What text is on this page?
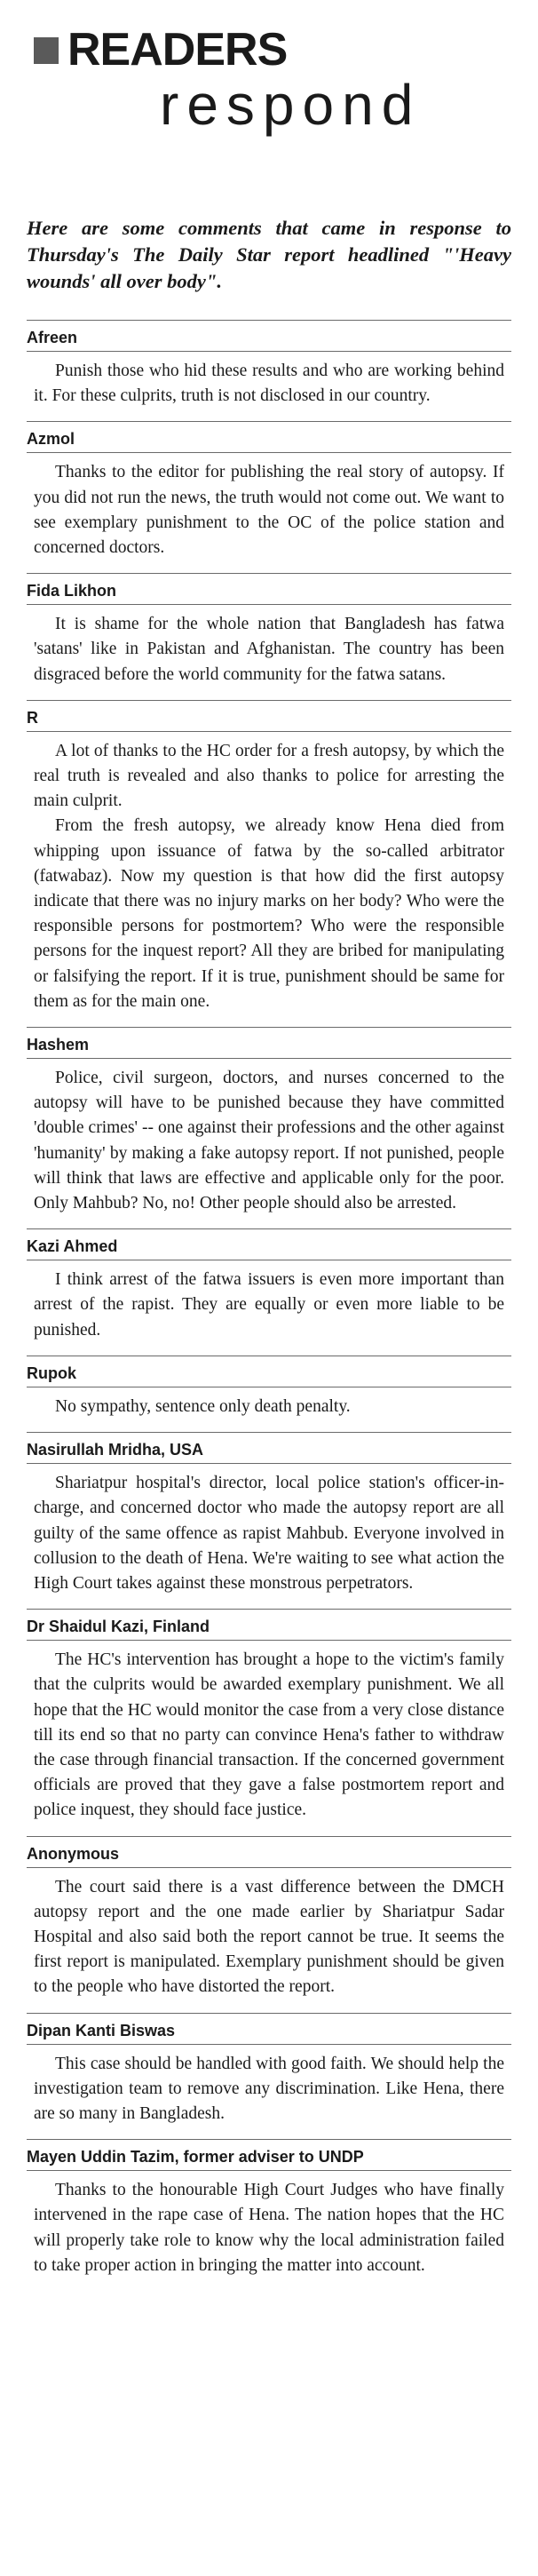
READERS
respond

Here are some comments that came in response to Thursday's The Daily Star report headlined "'Heavy wounds' all over body".

Afreen

Punish those who hid these results and who are working behind it. For these culprits, truth is not disclosed in our country.

Azmol

Thanks to the editor for publishing the real story of autopsy. If you did not run the news, the truth would not come out. We want to see exemplary punishment to the OC of the police station and concerned doctors.

Fida Likhon

It is shame for the whole nation that Bangladesh has fatwa 'satans' like in Pakistan and Afghanistan. The country has been disgraced before the world community for the fatwa satans.

R

A lot of thanks to the HC order for a fresh autopsy, by which the real truth is revealed and also thanks to police for arresting the main culprit.

From the fresh autopsy, we already know Hena died from whipping upon issuance of fatwa by the so-called arbitrator (fatwabaz). Now my question is that how did the first autopsy indicate that there was no injury marks on her body? Who were the responsible persons for postmortem? Who were the responsible persons for the inquest report? All they are bribed for manipulating or falsifying the report. If it is true, punishment should be same for them as for the main one.

Hashem

Police, civil surgeon, doctors, and nurses concerned to the autopsy will have to be punished because they have committed 'double crimes' -- one against their professions and the other against 'humanity' by making a fake autopsy report. If not punished, people will think that laws are effective and applicable only for the poor. Only Mahbub? No, no! Other people should also be arrested.

Kazi Ahmed

I think arrest of the fatwa issuers is even more important than arrest of the rapist. They are equally or even more liable to be punished.

Rupok

No sympathy, sentence only death penalty.

Nasirullah Mridha, USA

Shariatpur hospital's director, local police station's officer-in-charge, and concerned doctor who made the autopsy report are all guilty of the same offence as rapist Mahbub. Everyone involved in collusion to the death of Hena. We're waiting to see what action the High Court takes against these monstrous perpetrators.

Dr Shaidul Kazi, Finland

The HC's intervention has brought a hope to the victim's family that the culprits would be awarded exemplary punishment. We all hope that the HC would monitor the case from a very close distance till its end so that no party can convince Hena's father to withdraw the case through financial transaction. If the concerned government officials are proved that they gave a false postmortem report and police inquest, they should face justice.

Anonymous

The court said there is a vast difference between the DMCH autopsy report and the one made earlier by Shariatpur Sadar Hospital and also said both the report cannot be true. It seems the first report is manipulated. Exemplary punishment should be given to the people who have distorted the report.

Dipan Kanti Biswas

This case should be handled with good faith. We should help the investigation team to remove any discrimination. Like Hena, there are so many in Bangladesh.

Mayen Uddin Tazim, former adviser to UNDP

Thanks to the honourable High Court Judges who have finally intervened in the rape case of Hena. The nation hopes that the HC will properly take role to know why the local administration failed to take proper action in bringing the matter into account.
